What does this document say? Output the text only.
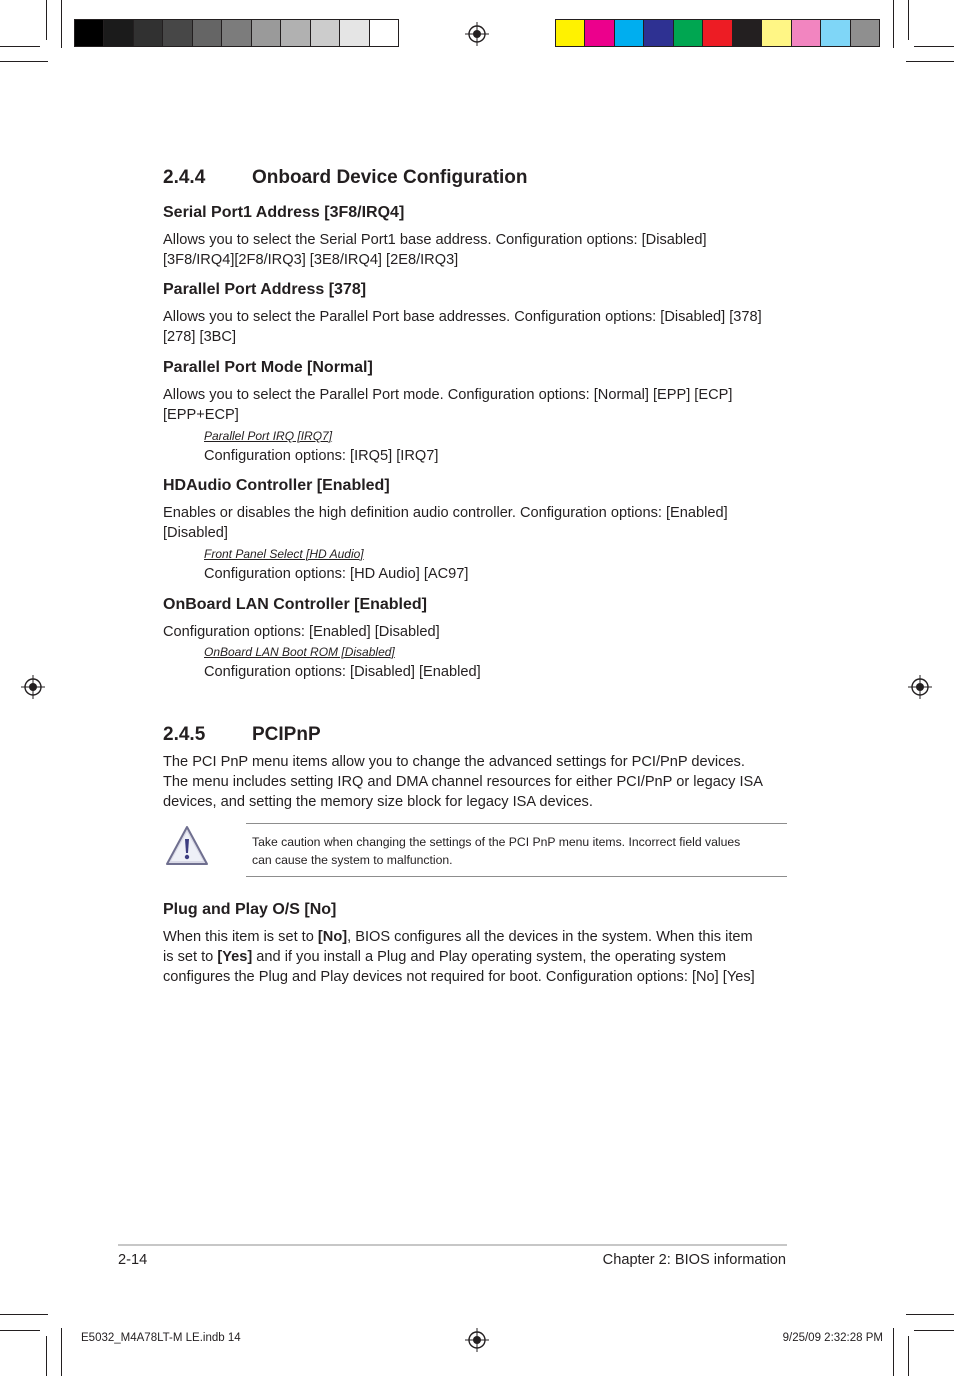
2.4.4 Onboard Device Configuration
Serial Port1 Address [3F8/IRQ4]

Allows you to select the Serial Port1 base address. Configuration options: [Disabled]
[3F8/IRQ4][2F8/IRQ3] [3E8/IRQ4] [2E8/IRQ3]

Parallel Port Address [378]

Allows you to select the Parallel Port base addresses. Configuration options: [Disabled] [378]
[278] [3BC]

Parallel Port Mode [Normal]

Allows you to select the Parallel Port mode. Configuration options: [Normal] [EPP] [ECP]
[EPP+ECP]

Parallel Port IRQ [IRQ7]

Configuration options: [IRQ5] [IRQ7]

HDAudio Controller [Enabled]

Enables or disables the high definition audio controller. Configuration options: [Enabled]
[Disabled]

Front Panel Select [HD Audio]

Configuration options: [HD Audio] [AC97]

OnBoard LAN Controller [Enabled]

Configuration options: [Enabled] [Disabled]

OnBoard LAN Boot ROM [Disabled]

Configuration options: [Disabled] [Enabled]

2.4.5 PCIPnP

The PCI PnP menu items allow you to change the advanced settings for PCI/PnP devices.
The menu includes setting IRQ and DMA channel resources for either PCI/PnP or legacy ISA
devices, and setting the memory size block for legacy ISA devices.

Take caution when changing the settings of the PCI PnP menu items. Incorrect field values
can cause the system to malfunction.

Plug and Play O/S [No]

When this item is set to [No], BIOS configures all the devices in the system. When this item
is set to [Yes] and if you install a Plug and Play operating system, the operating system
configures the Plug and Play devices not required for boot. Configuration options: [No] [Yes]

2-14	Chapter 2: BIOS information
E5032_M4A78LT-M LE.indb 14	9/25/09 2:32:28 PM
